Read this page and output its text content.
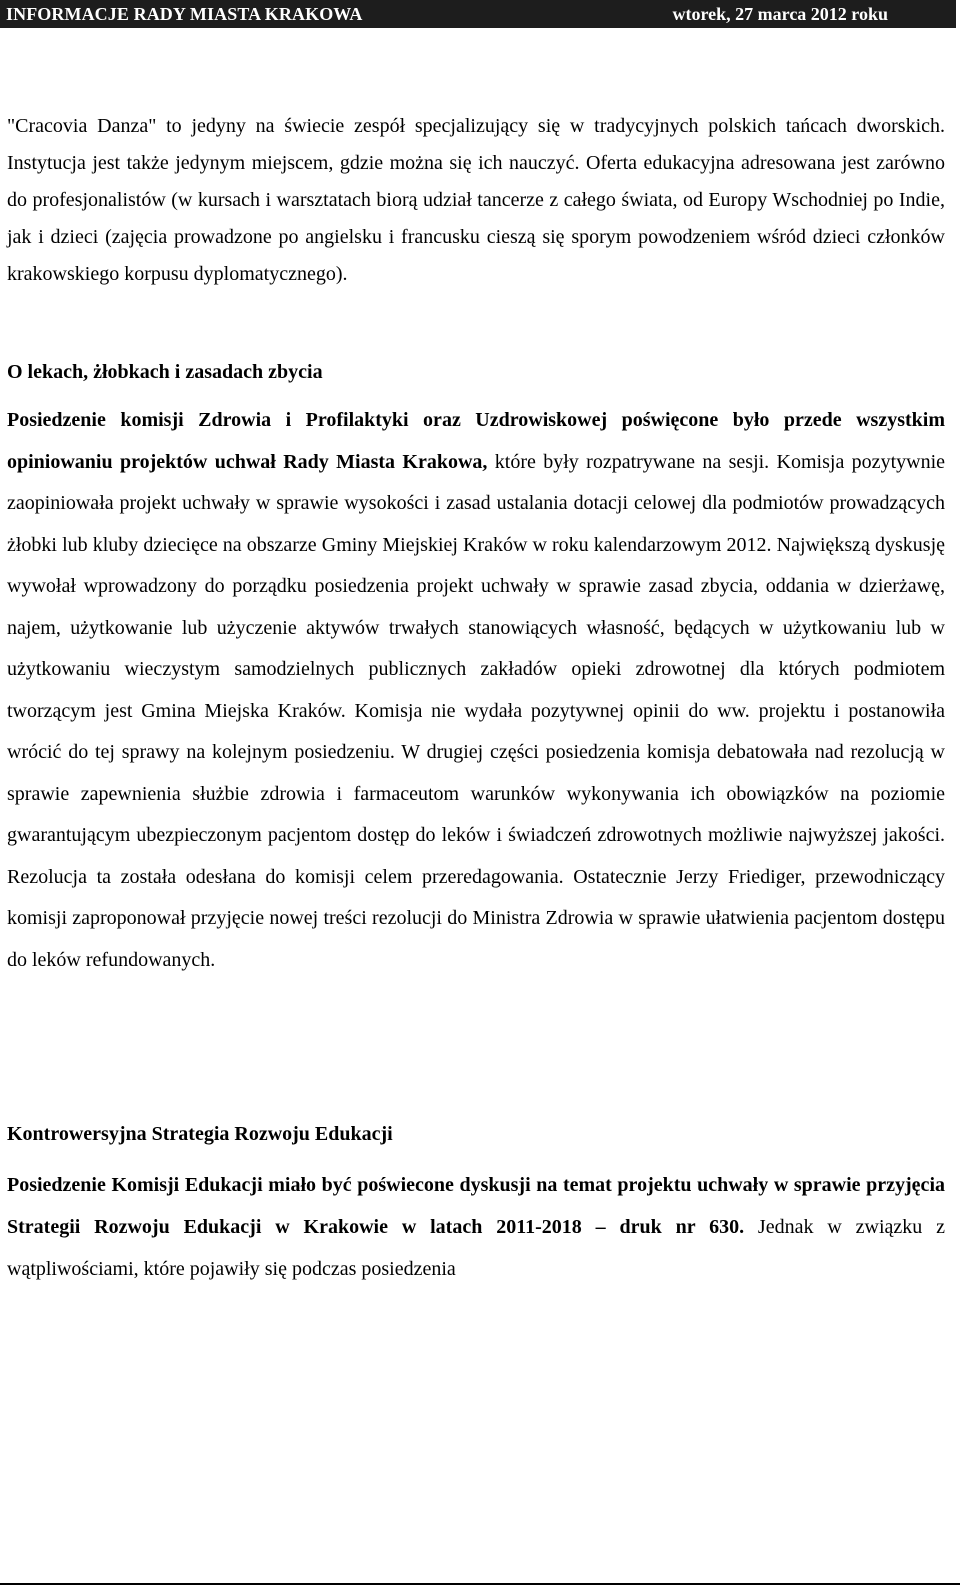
INFORMACJE RADY MIASTA KRAKOWA	wtorek, 27 marca 2012 roku

"Cracovia Danza" to jedyny na świecie zespół specjalizujący się w tradycyjnych polskich tańcach dworskich. Instytucja jest także jedynym miejscem, gdzie można się ich nauczyć. Oferta edukacyjna adresowana jest zarówno do profesjonalistów (w kursach i warsztatach biorą udział tancerze z całego świata, od Europy Wschodniej po Indie, jak i dzieci (zajęcia prowadzone po angielsku i francusku cieszą się sporym powodzeniem wśród dzieci członków krakowskiego korpusu dyplomatycznego).

O lekach, żłobkach i zasadach zbycia

Posiedzenie komisji Zdrowia i Profilaktyki oraz Uzdrowiskowej poświęcone było przede wszystkim opiniowaniu projektów uchwał Rady Miasta Krakowa, które były rozpatrywane na sesji. Komisja pozytywnie zaopiniowała projekt uchwały w sprawie wysokości i zasad ustalania dotacji celowej dla podmiotów prowadzących żłobki lub kluby dziecięce na obszarze Gminy Miejskiej Kraków w roku kalendarzowym 2012. Największą dyskusję wywołał wprowadzony do porządku posiedzenia projekt uchwały w sprawie zasad zbycia, oddania w dzierżawę, najem, użytkowanie lub użyczenie aktywów trwałych stanowiących własność, będących w użytkowaniu lub w użytkowaniu wieczystym samodzielnych publicznych zakładów opieki zdrowotnej dla których podmiotem tworzącym jest Gmina Miejska Kraków. Komisja nie wydała pozytywnej opinii do ww. projektu i postanowiła wrócić do tej sprawy na kolejnym posiedzeniu. W drugiej części posiedzenia komisja debatowała nad rezolucją w sprawie zapewnienia służbie zdrowia i farmaceutom warunków wykonywania ich obowiązków na poziomie gwarantującym ubezpieczonym pacjentom dostęp do leków i świadczeń zdrowotnych możliwie najwyższej jakości. Rezolucja ta została odesłana do komisji celem przeredagowania. Ostatecznie Jerzy Friediger, przewodniczący komisji zaproponował przyjęcie nowej treści rezolucji do Ministra Zdrowia w sprawie ułatwienia pacjentom dostępu do leków refundowanych.

Kontrowersyjna Strategia Rozwoju Edukacji

Posiedzenie Komisji Edukacji miało być poświecone dyskusji na temat projektu uchwały w sprawie przyjęcia Strategii Rozwoju Edukacji w Krakowie w latach 2011-2018 – druk nr 630. Jednak w związku z wątpliwościami, które pojawiły się podczas posiedzenia
